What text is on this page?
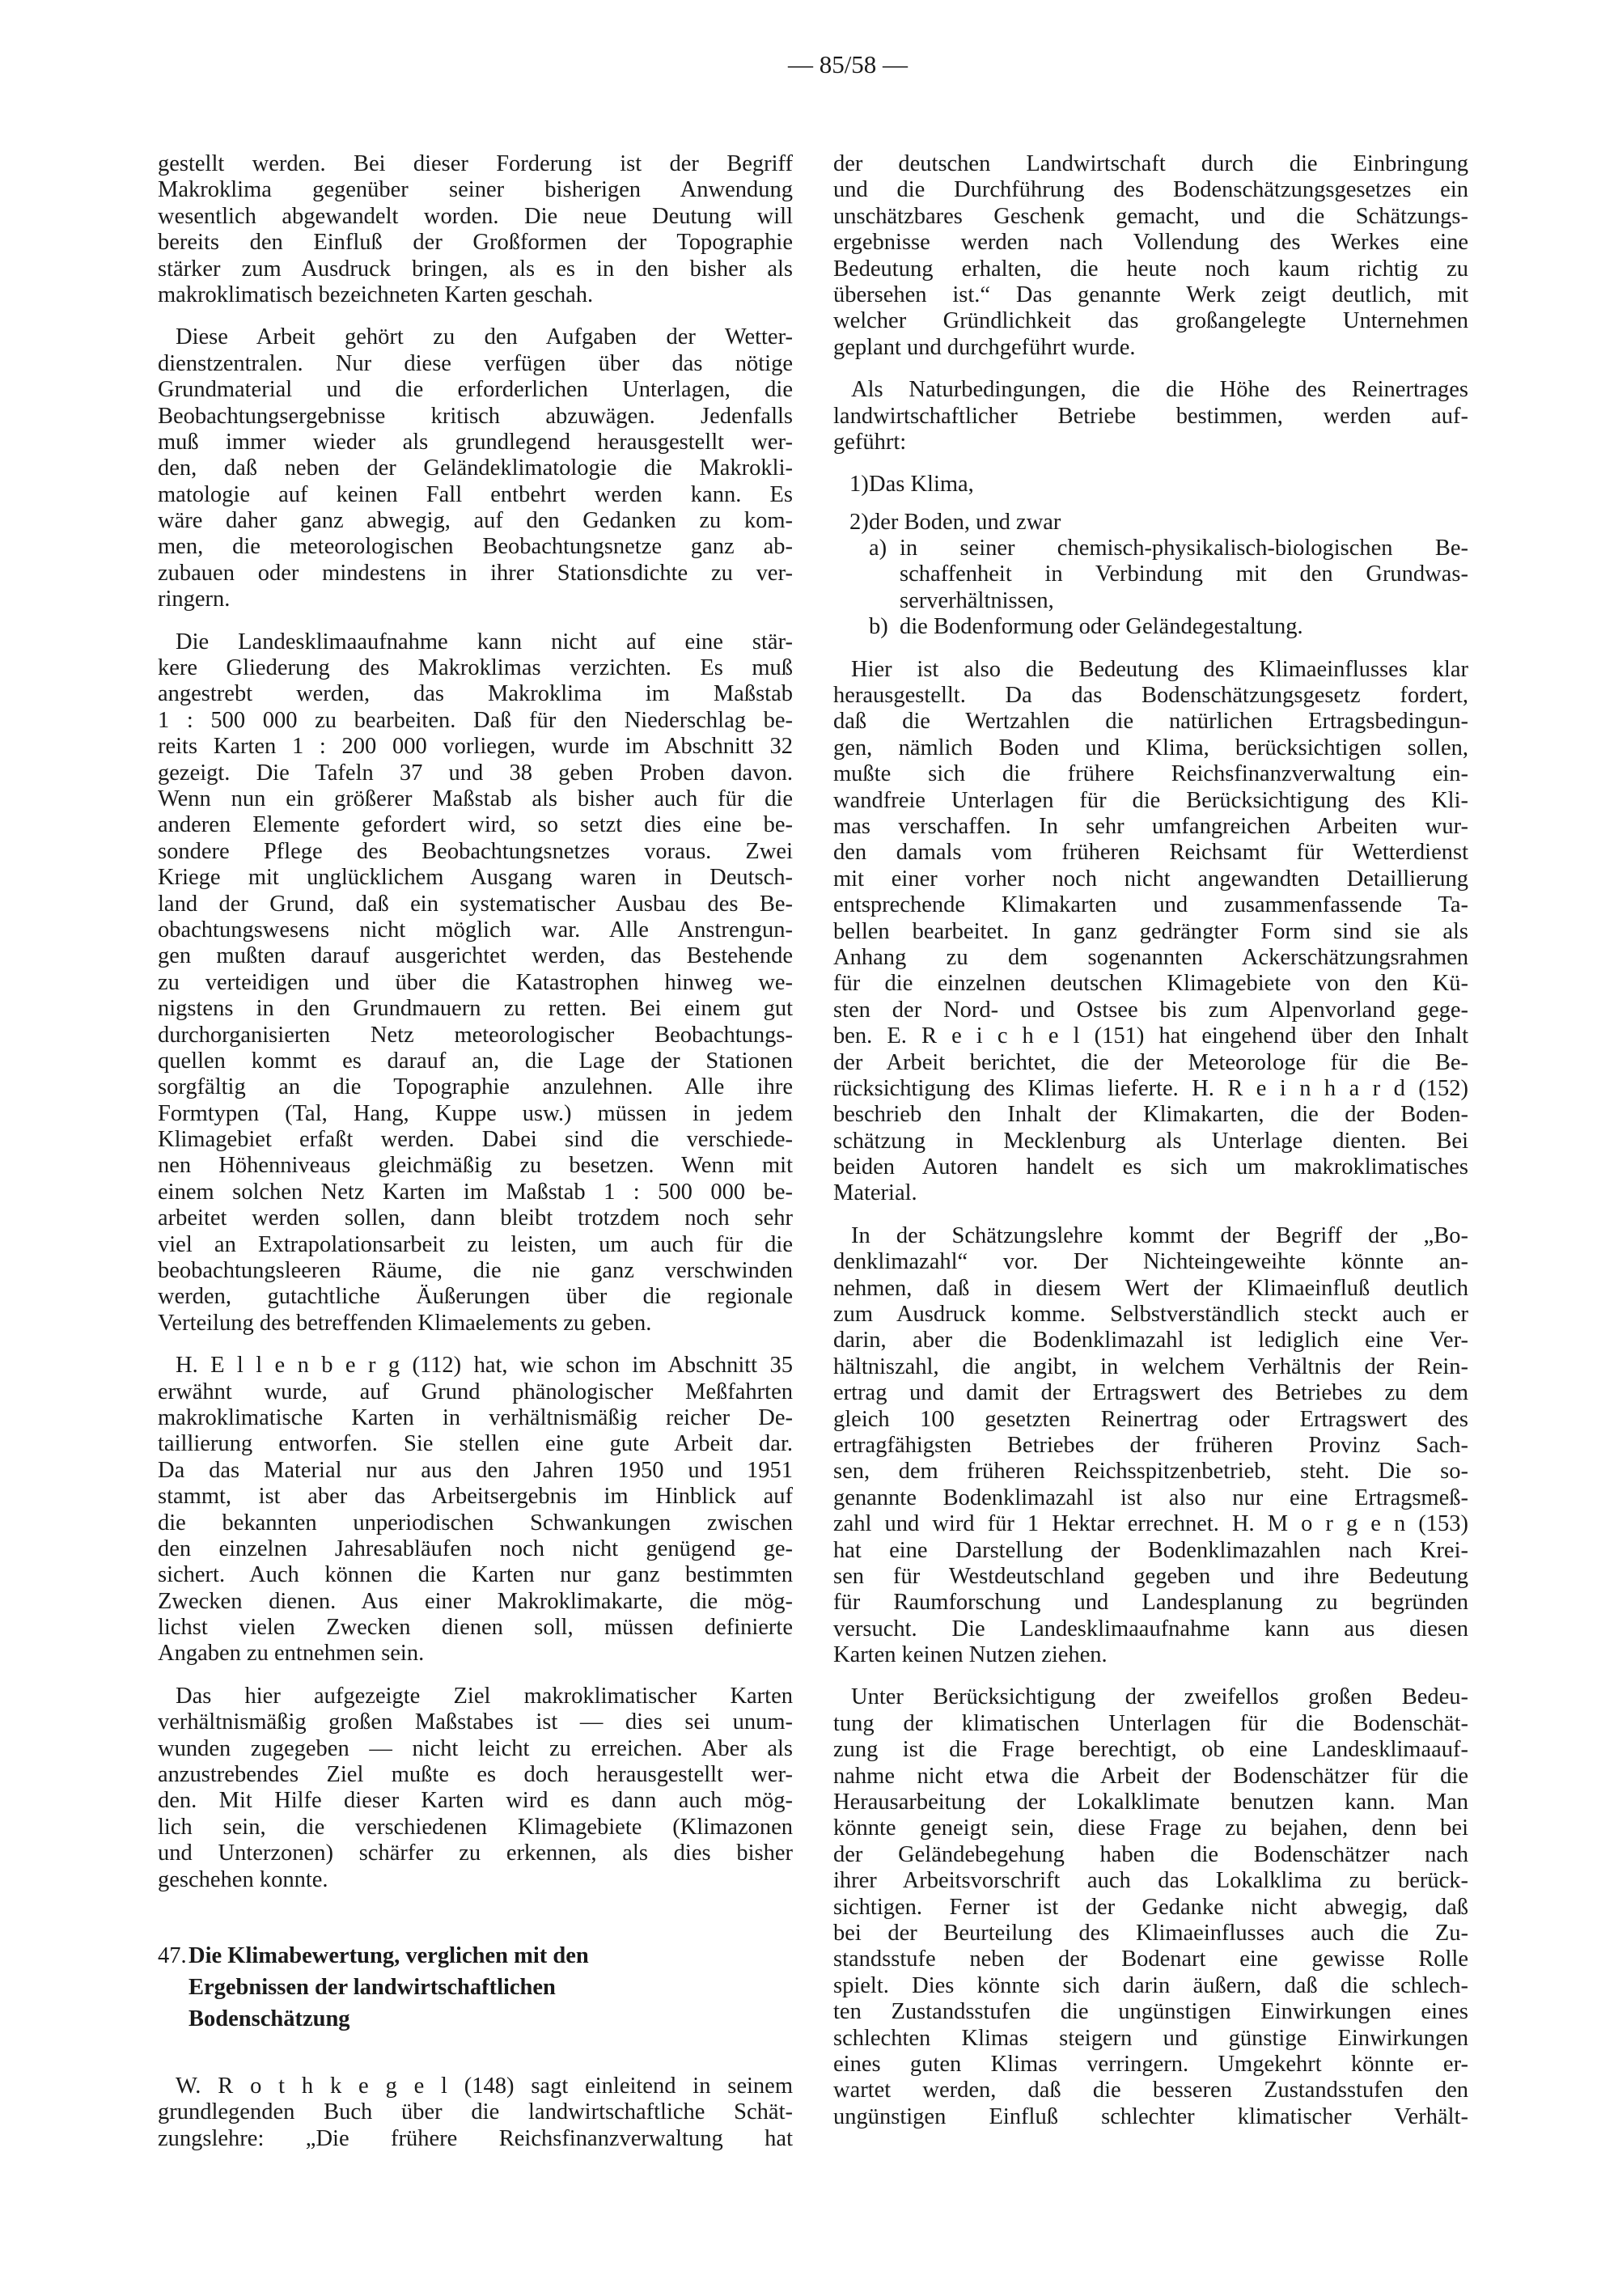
— 85/58 —
gestellt werden. Bei dieser Forderung ist der Begriff
Makroklima gegenüber seiner bisherigen Anwendung
wesentlich abgewandelt worden. Die neue Deutung will
bereits den Einfluß der Großformen der Topographie
stärker zum Ausdruck bringen, als es in den bisher als
makroklimatisch bezeichneten Karten geschah.
Diese Arbeit gehört zu den Aufgaben der Wetter-
dienstzentralen. Nur diese verfügen über das nötige
Grundmaterial und die erforderlichen Unterlagen, die
Beobachtungsergebnisse kritisch abzuwägen. Jedenfalls
muß immer wieder als grundlegend herausgestellt wer-
den, daß neben der Geländeklimatologie die Makrokli-
matologie auf keinen Fall entbehrt werden kann. Es
wäre daher ganz abwegig, auf den Gedanken zu kom-
men, die meteorologischen Beobachtungsnetze ganz ab-
zubauen oder mindestens in ihrer Stationsdichte zu ver-
ringern.
Die Landesklimaaufnahme kann nicht auf eine stär-
kere Gliederung des Makroklimas verzichten. Es muß
angestrebt werden, das Makroklima im Maßstab
1 : 500 000 zu bearbeiten. Daß für den Niederschlag be-
reits Karten 1 : 200 000 vorliegen, wurde im Abschnitt 32
gezeigt. Die Tafeln 37 und 38 geben Proben davon.
Wenn nun ein größerer Maßstab als bisher auch für die
anderen Elemente gefordert wird, so setzt dies eine be-
sondere Pflege des Beobachtungsnetzes voraus. Zwei
Kriege mit unglücklichem Ausgang waren in Deutsch-
land der Grund, daß ein systematischer Ausbau des Be-
obachtungswesens nicht möglich war. Alle Anstrengun-
gen mußten darauf ausgerichtet werden, das Bestehende
zu verteidigen und über die Katastrophen hinweg we-
nigstens in den Grundmauern zu retten. Bei einem gut
durchorganisierten Netz meteorologischer Beobachtungs-
quellen kommt es darauf an, die Lage der Stationen
sorgfältig an die Topographie anzulehnen. Alle ihre
Formtypen (Tal, Hang, Kuppe usw.) müssen in jedem
Klimagebiet erfaßt werden. Dabei sind die verschiede-
nen Höhenniveaus gleichmäßig zu besetzen. Wenn mit
einem solchen Netz Karten im Maßstab 1 : 500 000 be-
arbeitet werden sollen, dann bleibt trotzdem noch sehr
viel an Extrapolationsarbeit zu leisten, um auch für die
beobachtungsleeren Räume, die nie ganz verschwinden
werden, gutachtliche Äußerungen über die regionale
Verteilung des betreffenden Klimaelements zu geben.
H. E l l e n b e r g (112) hat, wie schon im Abschnitt 35
erwähnt wurde, auf Grund phänologischer Meßfahrten
makroklimatische Karten in verhältnismäßig reicher De-
taillierung entworfen. Sie stellen eine gute Arbeit dar.
Da das Material nur aus den Jahren 1950 und 1951
stammt, ist aber das Arbeitsergebnis im Hinblick auf
die bekannten unperiodischen Schwankungen zwischen
den einzelnen Jahresabläufen noch nicht genügend ge-
sichert. Auch können die Karten nur ganz bestimmten
Zwecken dienen. Aus einer Makroklimakarte, die mög-
lichst vielen Zwecken dienen soll, müssen definierte
Angaben zu entnehmen sein.
Das hier aufgezeigte Ziel makroklimatischer Karten
verhältnismäßig großen Maßstabes ist — dies sei unum-
wunden zugegeben — nicht leicht zu erreichen. Aber als
anzustrebendes Ziel mußte es doch herausgestellt wer-
den. Mit Hilfe dieser Karten wird es dann auch mög-
lich sein, die verschiedenen Klimagebiete (Klimazonen
und Unterzonen) schärfer zu erkennen, als dies bisher
geschehen konnte.
47.Die Klimabewertung, verglichen mit den
Ergebnissen der landwirtschaftlichen
Bodenschätzung
W. R o t h k e g e l (148) sagt einleitend in seinem
grundlegenden Buch über die landwirtschaftliche Schät-
zungslehre: „Die frühere Reichsfinanzverwaltung hat
der deutschen Landwirtschaft durch die Einbringung
und die Durchführung des Bodenschätzungsgesetzes ein
unschätzbares Geschenk gemacht, und die Schätzungs-
ergebnisse werden nach Vollendung des Werkes eine
Bedeutung erhalten, die heute noch kaum richtig zu
übersehen ist.“ Das genannte Werk zeigt deutlich, mit
welcher Gründlichkeit das großangelegte Unternehmen
geplant und durchgeführt wurde.
Als Naturbedingungen, die die Höhe des Reinertrages
landwirtschaftlicher Betriebe bestimmen, werden auf-
geführt:
1) Das Klima,
2) der Boden, und zwar
a) in seiner chemisch-physikalisch-biologischen Be-
schaffenheit in Verbindung mit den Grundwas-
serverhältnissen,
b) die Bodenformung oder Geländegestaltung.
Hier ist also die Bedeutung des Klimaeinflusses klar
herausgestellt. Da das Bodenschätzungsgesetz fordert,
daß die Wertzahlen die natürlichen Ertragsbedingun-
gen, nämlich Boden und Klima, berücksichtigen sollen,
mußte sich die frühere Reichsfinanzverwaltung ein-
wandfreie Unterlagen für die Berücksichtigung des Kli-
mas verschaffen. In sehr umfangreichen Arbeiten wur-
den damals vom früheren Reichsamt für Wetterdienst
mit einer vorher noch nicht angewandten Detaillierung
entsprechende Klimakarten und zusammenfassende Ta-
bellen bearbeitet. In ganz gedrängter Form sind sie als
Anhang zu dem sogenannten Ackerschätzungsrahmen
für die einzelnen deutschen Klimagebiete von den Kü-
sten der Nord- und Ostsee bis zum Alpenvorland gege-
ben. E. R e i c h e l (151) hat eingehend über den Inhalt
der Arbeit berichtet, die der Meteorologe für die Be-
rücksichtigung des Klimas lieferte. H. R e i n h a r d (152)
beschrieb den Inhalt der Klimakarten, die der Boden-
schätzung in Mecklenburg als Unterlage dienten. Bei
beiden Autoren handelt es sich um makroklimatisches
Material.
In der Schätzungslehre kommt der Begriff der „Bo-
denklimazahl“ vor. Der Nichteingeweihte könnte an-
nehmen, daß in diesem Wert der Klimaeinfluß deutlich
zum Ausdruck komme. Selbstverständlich steckt auch er
darin, aber die Bodenklimazahl ist lediglich eine Ver-
hältniszahl, die angibt, in welchem Verhältnis der Rein-
ertrag und damit der Ertragswert des Betriebes zu dem
gleich 100 gesetzten Reinertrag oder Ertragswert des
ertragfähigsten Betriebes der früheren Provinz Sach-
sen, dem früheren Reichsspitzenbetrieb, steht. Die so-
genannte Bodenklimazahl ist also nur eine Ertragsmeß-
zahl und wird für 1 Hektar errechnet. H. M o r g e n (153)
hat eine Darstellung der Bodenklimazahlen nach Krei-
sen für Westdeutschland gegeben und ihre Bedeutung
für Raumforschung und Landesplanung zu begründen
versucht. Die Landesklimaaufnahme kann aus diesen
Karten keinen Nutzen ziehen.
Unter Berücksichtigung der zweifellos großen Bedeu-
tung der klimatischen Unterlagen für die Bodenschät-
zung ist die Frage berechtigt, ob eine Landesklimaauf-
nahme nicht etwa die Arbeit der Bodenschätzer für die
Herausarbeitung der Lokalklimate benutzen kann. Man
könnte geneigt sein, diese Frage zu bejahen, denn bei
der Geländebegehung haben die Bodenschätzer nach
ihrer Arbeitsvorschrift auch das Lokalklima zu berück-
sichtigen. Ferner ist der Gedanke nicht abwegig, daß
bei der Beurteilung des Klimaeinflusses auch die Zu-
standsstufe neben der Bodenart eine gewisse Rolle
spielt. Dies könnte sich darin äußern, daß die schlech-
ten Zustandsstufen die ungünstigen Einwirkungen eines
schlechten Klimas steigern und günstige Einwirkungen
eines guten Klimas verringern. Umgekehrt könnte er-
wartet werden, daß die besseren Zustandsstufen den
ungünstigen Einfluß schlechter klimatischer Verhält-
